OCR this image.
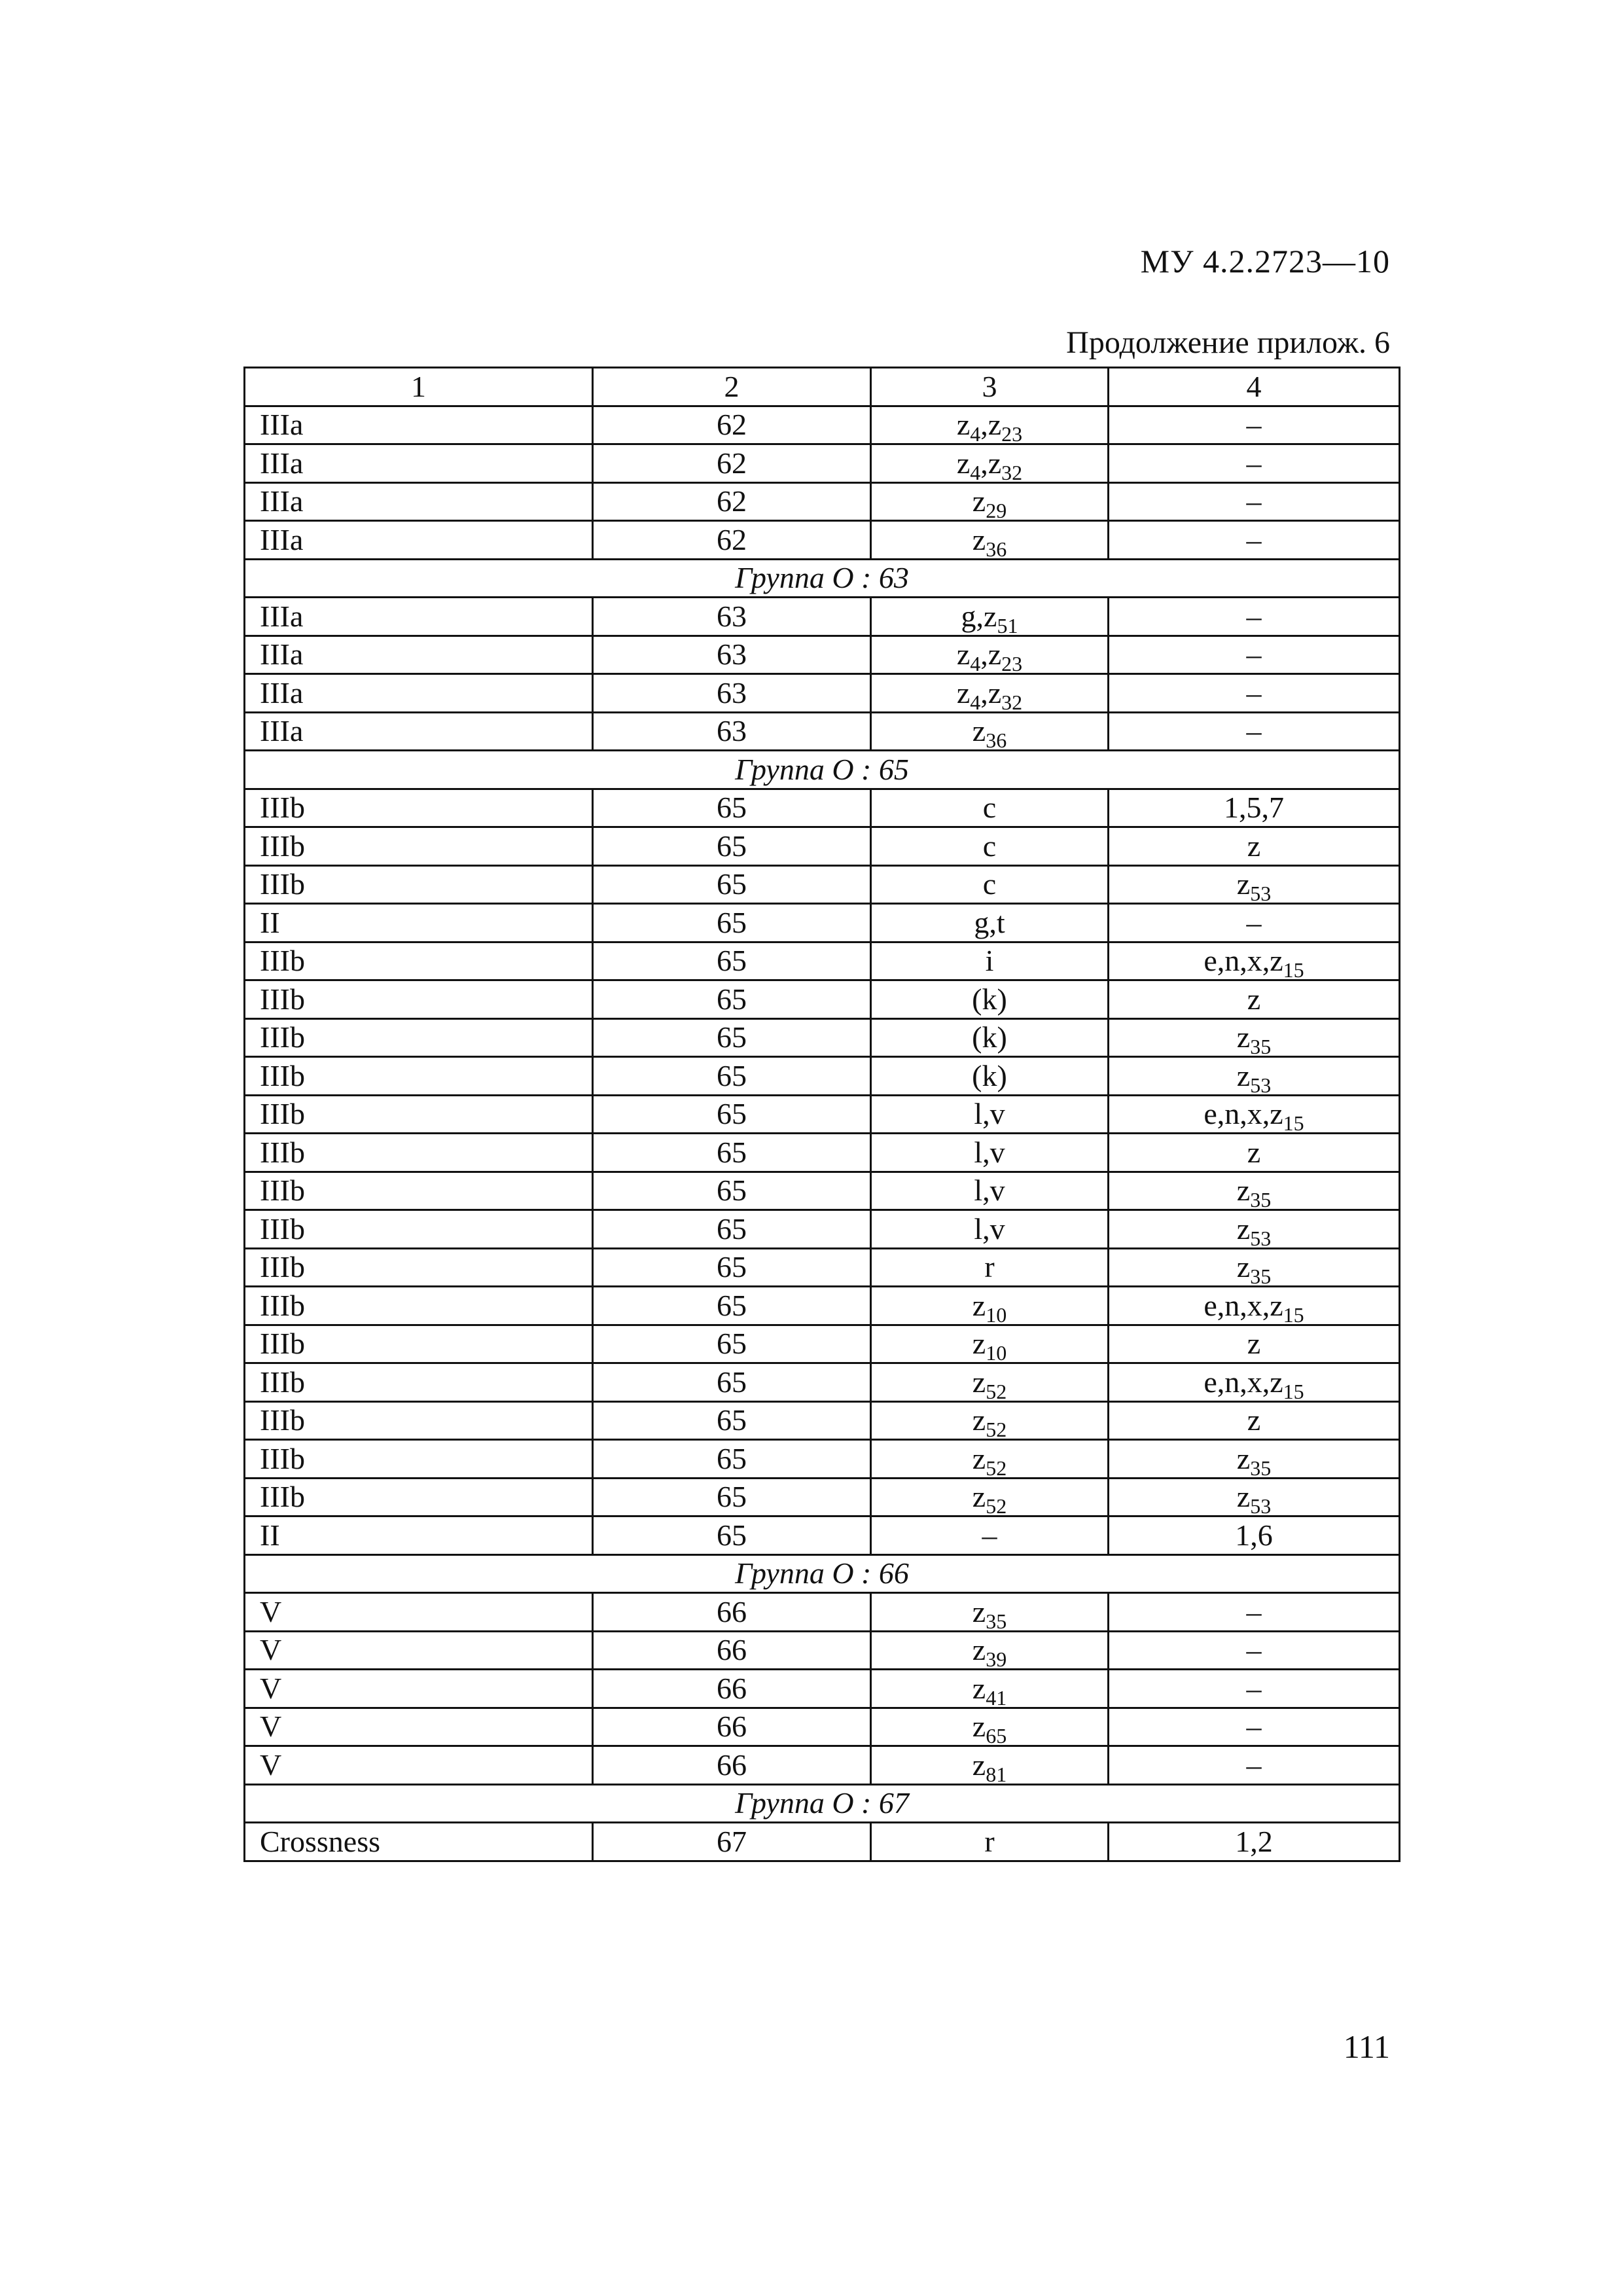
МУ 4.2.2723—10
Продолжение прилож. 6
1	2	3	4
IIIa	62	$z_4,z_{23}$	–
IIIa	62	$z_4,z_{32}$	–
IIIa	62	$z_{29}$	–
IIIa	62	$z_{36}$	–
Группа O : 63			
IIIa	63	$g,z_{51}$	–
IIIa	63	$z_4,z_{23}$	–
IIIa	63	$z_4,z_{32}$	–
IIIa	63	$z_{36}$	–
Группа O : 65			
IIIb	65	c	1,5,7
IIIb	65	c	z
IIIb	65	c	$z_{53}$
II	65	g,t	–
IIIb	65	i	$e,n,x,z_{15}$
IIIb	65	(k)	z
IIIb	65	(k)	$z_{35}$
IIIb	65	(k)	$z_{53}$
IIIb	65	l,v	$e,n,x,z_{15}$
IIIb	65	l,v	z
IIIb	65	l,v	$z_{35}$
IIIb	65	l,v	$z_{53}$
IIIb	65	r	$z_{35}$
IIIb	65	$z_{10}$	$e,n,x,z_{15}$
IIIb	65	$z_{10}$	z
IIIb	65	$z_{52}$	$e,n,x,z_{15}$
IIIb	65	$z_{52}$	z
IIIb	65	$z_{52}$	$z_{35}$
IIIb	65	$z_{52}$	$z_{53}$
II	65	–	1,6
Группа O : 66			
V	66	$z_{35}$	–
V	66	$z_{39}$	–
V	66	$z_{41}$	–
V	66	$z_{65}$	–
V	66	$z_{81}$	–
Группа O : 67			
Crossness	67	r	1,2
111
